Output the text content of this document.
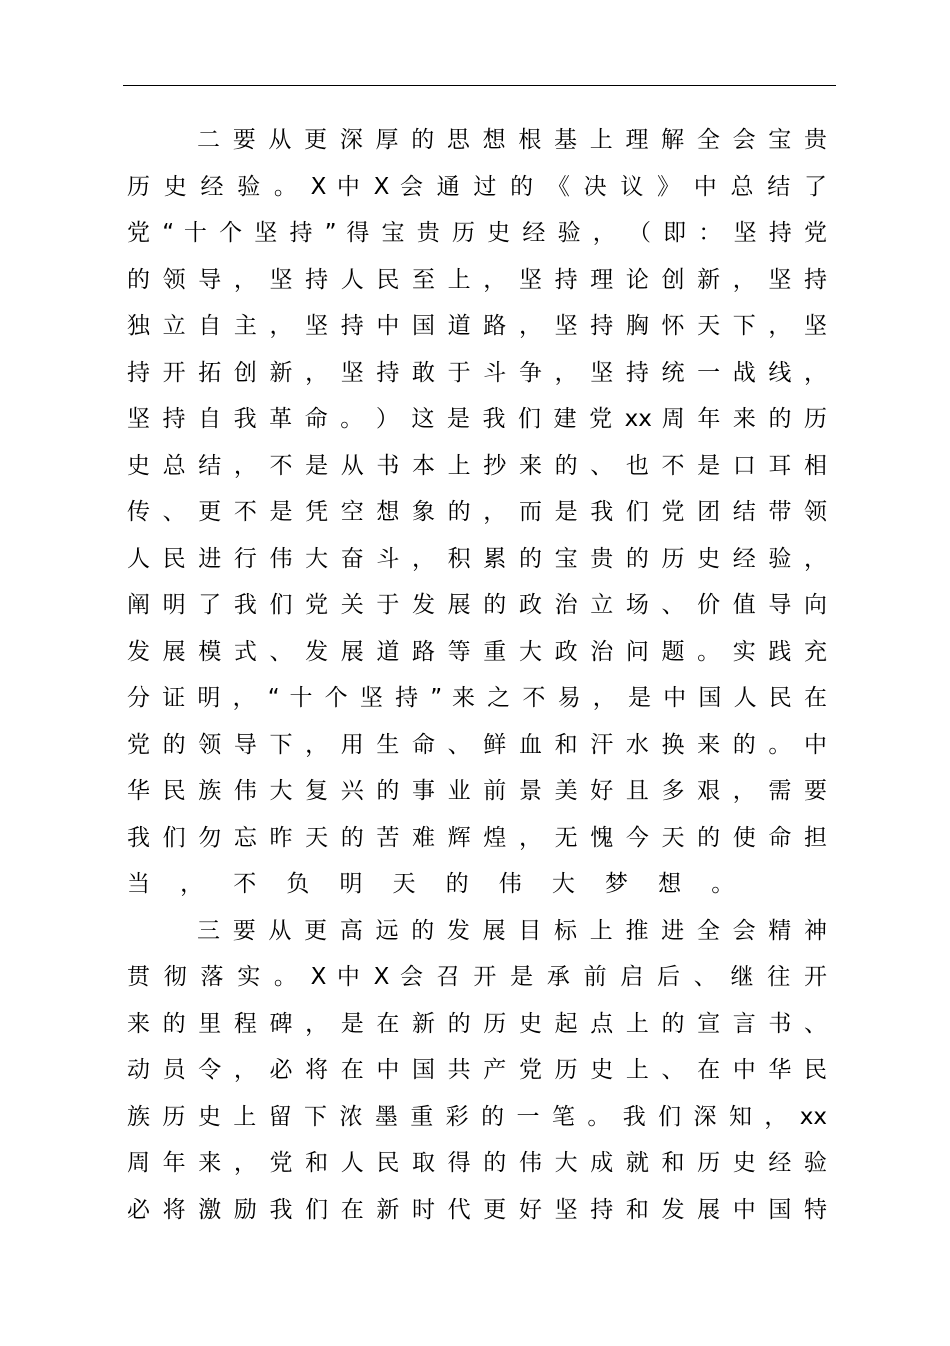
二 要 从 更 深 厚 的 思 想 根 基 上 理 解 全 会 宝 贵
历 史 经 验 。 X 中 X 会 通 过 的 《 决 议 》 中 总 结 了
党 “ 十 个 坚 持 ” 得 宝 贵 历 史 经 验 ， （ 即 ： 坚 持 党
的 领 导 ， 坚 持 人 民 至 上 ， 坚 持 理 论 创 新 ， 坚 持
独 立 自 主 ， 坚 持 中 国 道 路 ， 坚 持 胸 怀 天 下 ， 坚
持 开 拓 创 新 ， 坚 持 敢 于 斗 争 ， 坚 持 统 一 战 线 ，
坚 持 自 我 革 命 。 ） 这 是 我 们 建 党 xx 周 年 来 的 历
史 总 结 ， 不 是 从 书 本 上 抄 来 的 、 也 不 是 口 耳 相
传 、 更 不 是 凭 空 想 象 的 ， 而 是 我 们 党 团 结 带 领
人 民 进 行 伟 大 奋 斗 ， 积 累 的 宝 贵 的 历 史 经 验 ，
阐 明 了 我 们 党 关 于 发 展 的 政 治 立 场 、 价 值 导 向
发 展 模 式 、 发 展 道 路 等 重 大 政 治 问 题 。 实 践 充
分 证 明 ， “ 十 个 坚 持 ” 来 之 不 易 ， 是 中 国 人 民 在
党 的 领 导 下 ， 用 生 命 、 鲜 血 和 汗 水 换 来 的 。 中
华 民 族 伟 大 复 兴 的 事 业 前 景 美 好 且 多 艰 ， 需 要
我 们 勿 忘 昨 天 的 苦 难 辉 煌 ， 无 愧 今 天 的 使 命 担
当 ， 不 负 明 天 的 伟 大 梦 想 。
三 要 从 更 高 远 的 发 展 目 标 上 推 进 全 会 精 神
贯 彻 落 实 。 X 中 X 会 召 开 是 承 前 启 后 、 继 往 开
来 的 里 程 碑 ， 是 在 新 的 历 史 起 点 上 的 宣 言 书 、
动 员 令 ， 必 将 在 中 国 共 产 党 历 史 上 、 在 中 华 民
族 历 史 上 留 下 浓 墨 重 彩 的 一 笔 。 我 们 深 知 ， xx
周 年 来 ， 党 和 人 民 取 得 的 伟 大 成 就 和 历 史 经 验
必 将 激 励 我 们 在 新 时 代 更 好 坚 持 和 发 展 中 国 特
